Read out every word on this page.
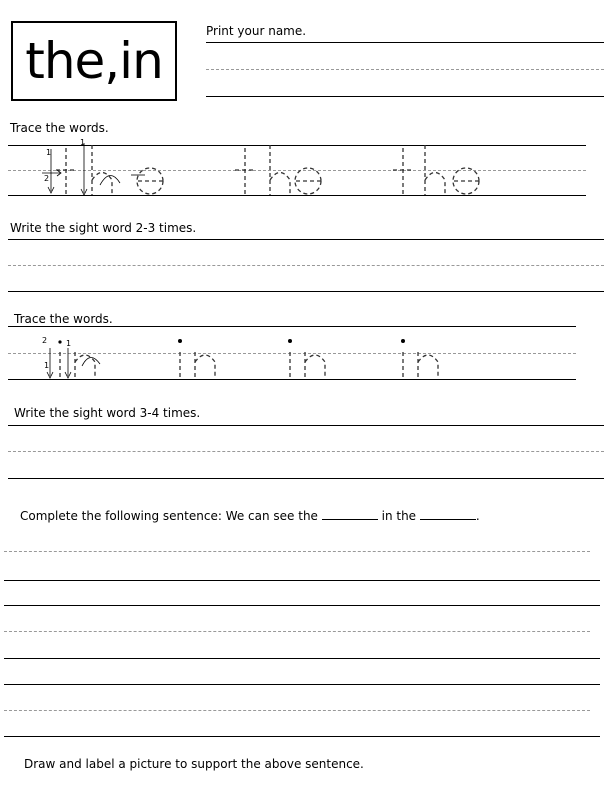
the,in
Print your name.
Trace the words.
1
2
1
Write the sight word 2-3 times.
Trace the words.
2 1
1
Write the sight word 3-4 times.
Complete the following sentence: We can see the	in the	.
Draw and label a picture to support the above sentence.
